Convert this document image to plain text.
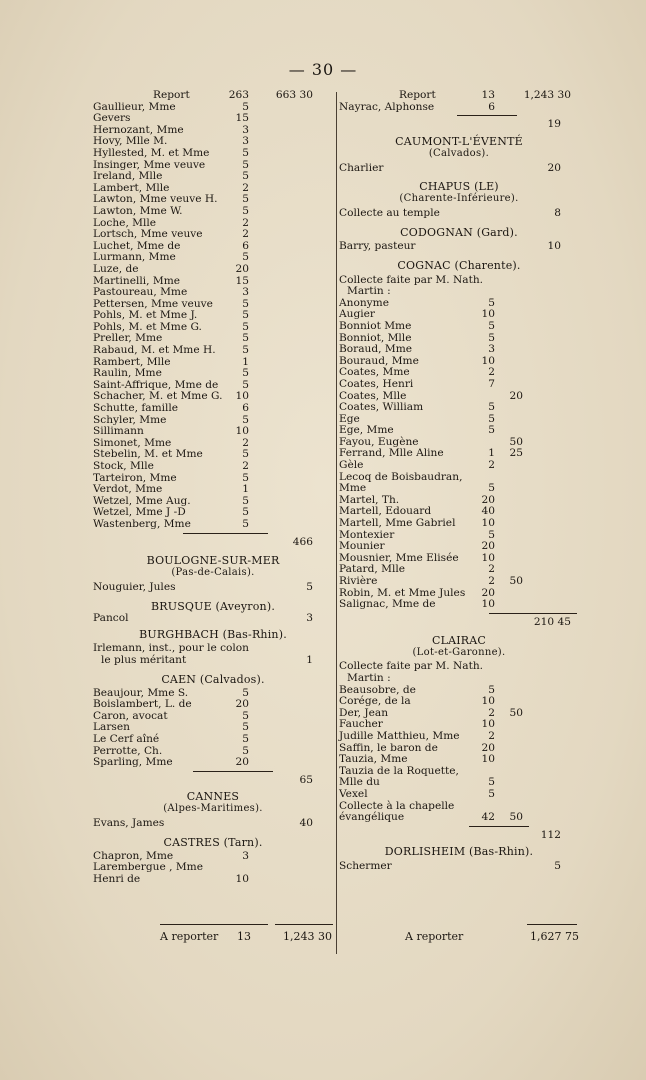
— 30 —
Report	263	663 30
Gaullieur, Mme	5
Gevers	15
Hernozant, Mme	3
Hovy, Mlle M.	3
Hyllested, M. et Mme	5
Insinger, Mme veuve	5
Ireland, Mlle	5
Lambert, Mlle	2
Lawton, Mme veuve H. 5
Lawton, Mme W.	5
Loche, Mlle	2
Lortsch, Mme veuve	2
Luchet, Mme de	6
Lurmann, Mme	5
Luze, de	20
Martinelli, Mme	15
Pastoureau, Mme	3
Pettersen, Mme veuve	5
Pohls, M. et Mme J.	5
Pohls, M. et Mme G.	5
Preller, Mme	5
Rabaud, M. et Mme H.	5
Rambert, Mlle	1
Raulin, Mme	5
Saint-Affrique, Mme de 5
Schacher, M. et Mme G. 10
Schutte, famille	6
Schyler, Mme	5
Sillimann	10
Simonet, Mme	2
Stebelin, M. et Mme	5
Stock, Mlle	2
Tarteiron, Mme	5
Verdot, Mme	1
Wetzel, Mme Aug.	5
Wetzel, Mme J -D	5
Wastenberg, Mme	5
466
BOULOGNE-SUR-MER
(Pas-de-Calais).
Nouguier, Jules	5
BRUSQUE (Aveyron).
Pancol	3
BURGHBACH (Bas-Rhin).
Irlemann, inst., pour le colon
le plus méritant	1
CAEN (Calvados).
Beaujour, Mme S.	5
Boislambert, L. de	20
Caron, avocat	5
Larsen	5
Le Cerf aîné	5
Perrotte, Ch.	5
Sparling, Mme	20
65
CANNES
(Alpes-Maritimes).
Evans, James	40
CASTRES (Tarn).
Chapron, Mme	3
Larembergue , Mme
Henri de	10
Report	13	1,243 30
Nayrac, Alphonse	6
19
CAUMONT-L'ÉVENTÉ
(Calvados).
Charlier	20
CHAPUS (LE)
(Charente-Inférieure).
Collecte au temple	8
CODOGNAN (Gard).
Barry, pasteur	10
COGNAC (Charente).
Collecte faite par M. Nath.
Martin :
Anonyme	5
Augier	10
Bonniot Mme	5
Bonniot, Mlle	5
Boraud, Mme	3
Bouraud, Mme	10
Coates, Mme	2
Coates, Henri	7
Coates, Mlle	20
Coates, William	5
Ege	5
Ege, Mme	5
Fayou, Eugène	50
Ferrand, Mlle Aline	1 25
Gèle	2
Lecoq de Boisbaudran,
Mme	5
Martel, Th.	20
Martell, Edouard	40
Martell, Mme Gabriel 10
Montexier	5
Mounier	20
Mousnier, Mme Elisée 10
Patard, Mlle	2
Rivière	2 50
Robin, M. et Mme Jules 20
Salignac, Mme de	10
210 45
CLAIRAC
(Lot-et-Garonne).
Collecte faite par M. Nath.
Martin :
Beausobre, de	5
Corége, de la	10
Der, Jean	2 50
Faucher	10
Judille Matthieu, Mme	2
Saffin, le baron de	20
Tauzia, Mme	10
Tauzia de la Roquette,
Mlle du	5
Vexel	5
Collecte à la chapelle
évangélique	42 50
112
DORLISHEIM (Bas-Rhin).
Schermer	5
A reporter 13	1,243 30	A reporter	1,627 75
